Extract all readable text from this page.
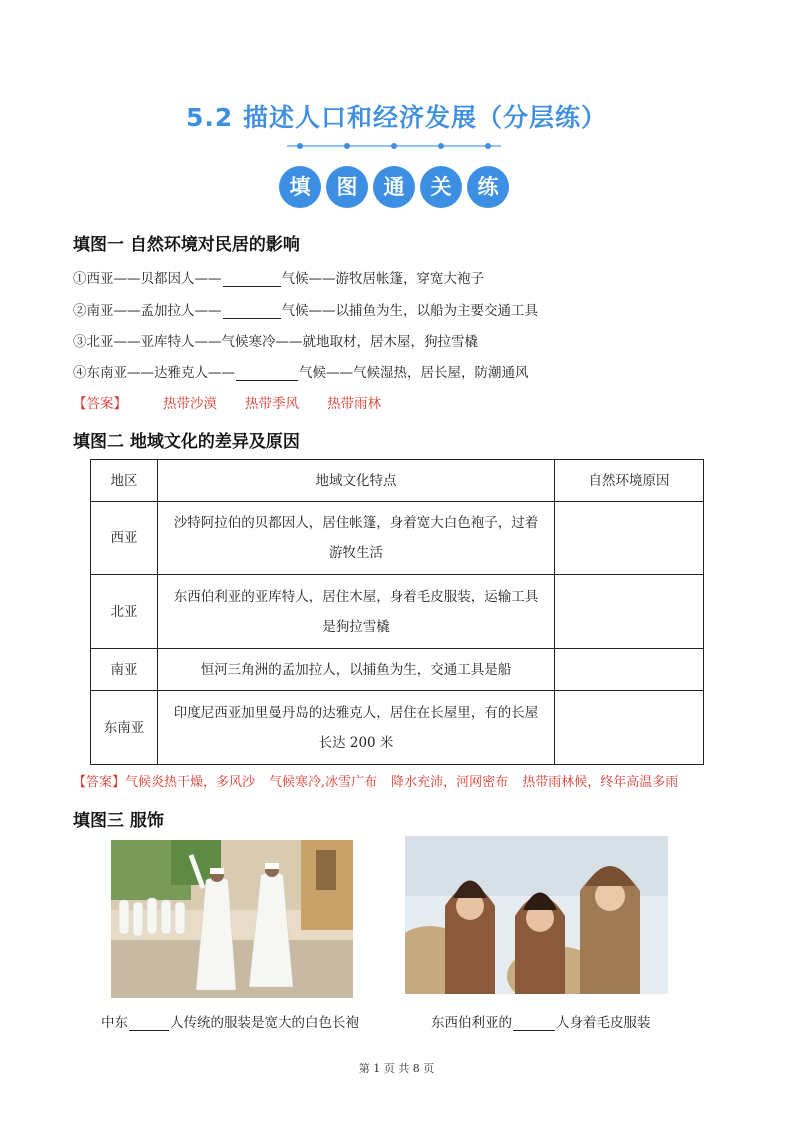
5.2 描述人口和经济发展（分层练）
填	图	通	关	练
填图一 自然环境对民居的影响
①西亚——贝都因人——	气候——游牧居帐篷，穿宽大袍子
②南亚——孟加拉人——	气候——以捕鱼为生，以船为主要交通工具
③北亚——亚库特人——气候寒冷——就地取材，居木屋，狗拉雪橇
④东南亚——达雅克人——	气候——气候湿热，居长屋，防潮通风
【答案】	热带沙漠 热带季风 热带雨林
填图二 地域文化的差异及原因
地区	地域文化特点	自然环境原因
西亚	沙特阿拉伯的贝都因人，居住帐篷，身着宽大白色袍子，过着游牧生活	
北亚	东西伯利亚的亚库特人，居住木屋，身着毛皮服装，运输工具是狗拉雪橇	
南亚	恒河三角洲的孟加拉人，以捕鱼为生，交通工具是船	
东南亚	印度尼西亚加里曼丹岛的达雅克人，居住在长屋里，有的长屋长达 200 米	
【答案】气候炎热干燥，多风沙 气候寒冷,冰雪广布 降水充沛，河网密布 热带雨林候，终年高温多雨
填图三 服饰
中东	人传统的服装是宽大的白色长袍	东西伯利亚的	人身着毛皮服装
第 1 页 共 8 页
